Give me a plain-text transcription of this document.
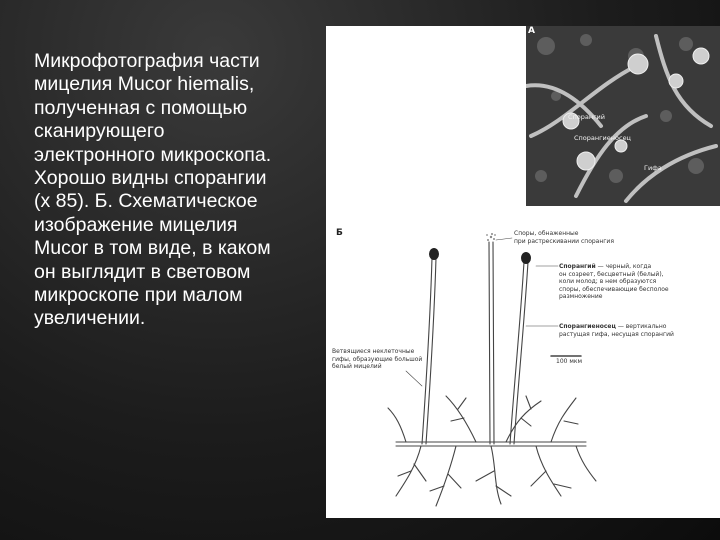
Микрофотография части
мицелия Mucor hiemalis,
полученная с помощью
сканирующего
электронного микроскопа.
Хорошо видны спорангии
(х 85). Б. Схематическое
изображение мицелия
Mucor в том виде, в каком
он выглядит в световом
микроскопе при малом
увеличении.

А
Спорангий
Спорангиеносец
Гифа
Б	Споры, обнаженные
при растрескивании спорангия

Спорангий — черный, когда
он созреет, бесцветный (белый),
коли молод; в нем образуются
споры, обеспечивающие бесполое
размножение

Спорангиеносец — вертикально
растущая гифа, несущая спорангий

100 мкм

Ветвящиеся неклеточные
гифы, образующие большой
белый мицелий
